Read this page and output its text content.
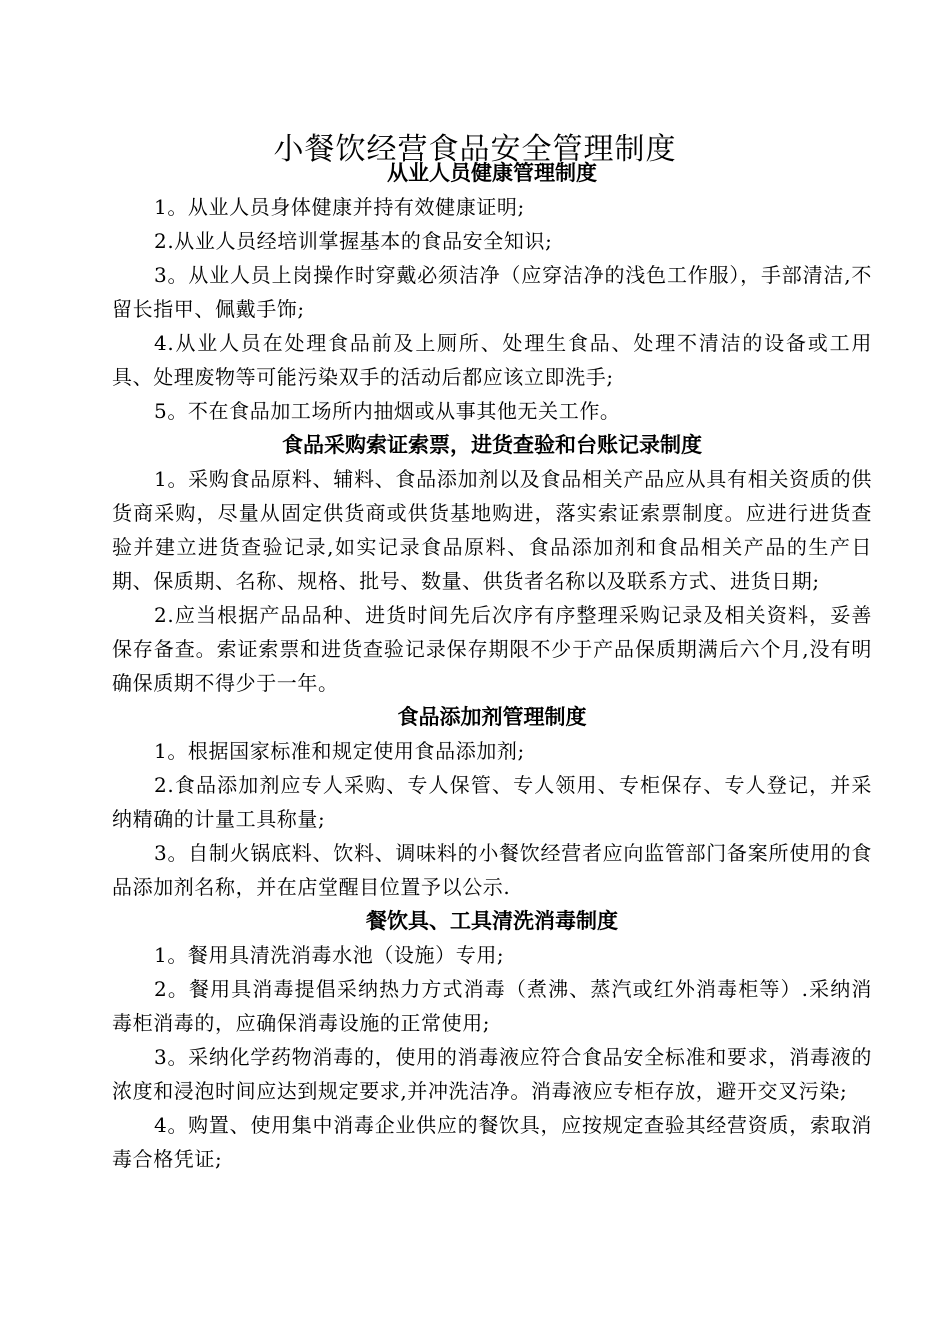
小餐饮经营食品安全管理制度
从业人员健康管理制度

1。从业人员身体健康并持有效健康证明;

2.从业人员经培训掌握基本的食品安全知识;

3。从业人员上岗操作时穿戴必须洁净（应穿洁净的浅色工作服），手部清洁,不留长指甲、佩戴手饰;

4.从业人员在处理食品前及上厕所、处理生食品、处理不清洁的设备或工用具、处理废物等可能污染双手的活动后都应该立即洗手;

5。不在食品加工场所内抽烟或从事其他无关工作。

食品采购索证索票，进货查验和台账记录制度

1。采购食品原料、辅料、食品添加剂以及食品相关产品应从具有相关资质的供货商采购，尽量从固定供货商或供货基地购进，落实索证索票制度。应进行进货查验并建立进货查验记录,如实记录食品原料、食品添加剂和食品相关产品的生产日期、保质期、名称、规格、批号、数量、供货者名称以及联系方式、进货日期;

2.应当根据产品品种、进货时间先后次序有序整理采购记录及相关资料，妥善保存备查。索证索票和进货查验记录保存期限不少于产品保质期满后六个月,没有明确保质期不得少于一年。

食品添加剂管理制度

1。根据国家标准和规定使用食品添加剂;

2.食品添加剂应专人采购、专人保管、专人领用、专柜保存、专人登记，并采纳精确的计量工具称量;

3。自制火锅底料、饮料、调味料的小餐饮经营者应向监管部门备案所使用的食品添加剂名称，并在店堂醒目位置予以公示.

餐饮具、工具清洗消毒制度

1。餐用具清洗消毒水池（设施）专用;

2。餐用具消毒提倡采纳热力方式消毒（煮沸、蒸汽或红外消毒柜等）.采纳消毒柜消毒的，应确保消毒设施的正常使用;

3。采纳化学药物消毒的，使用的消毒液应符合食品安全标准和要求，消毒液的浓度和浸泡时间应达到规定要求,并冲洗洁净。消毒液应专柜存放，避开交叉污染;

4。购置、使用集中消毒企业供应的餐饮具，应按规定查验其经营资质，索取消毒合格凭证;
